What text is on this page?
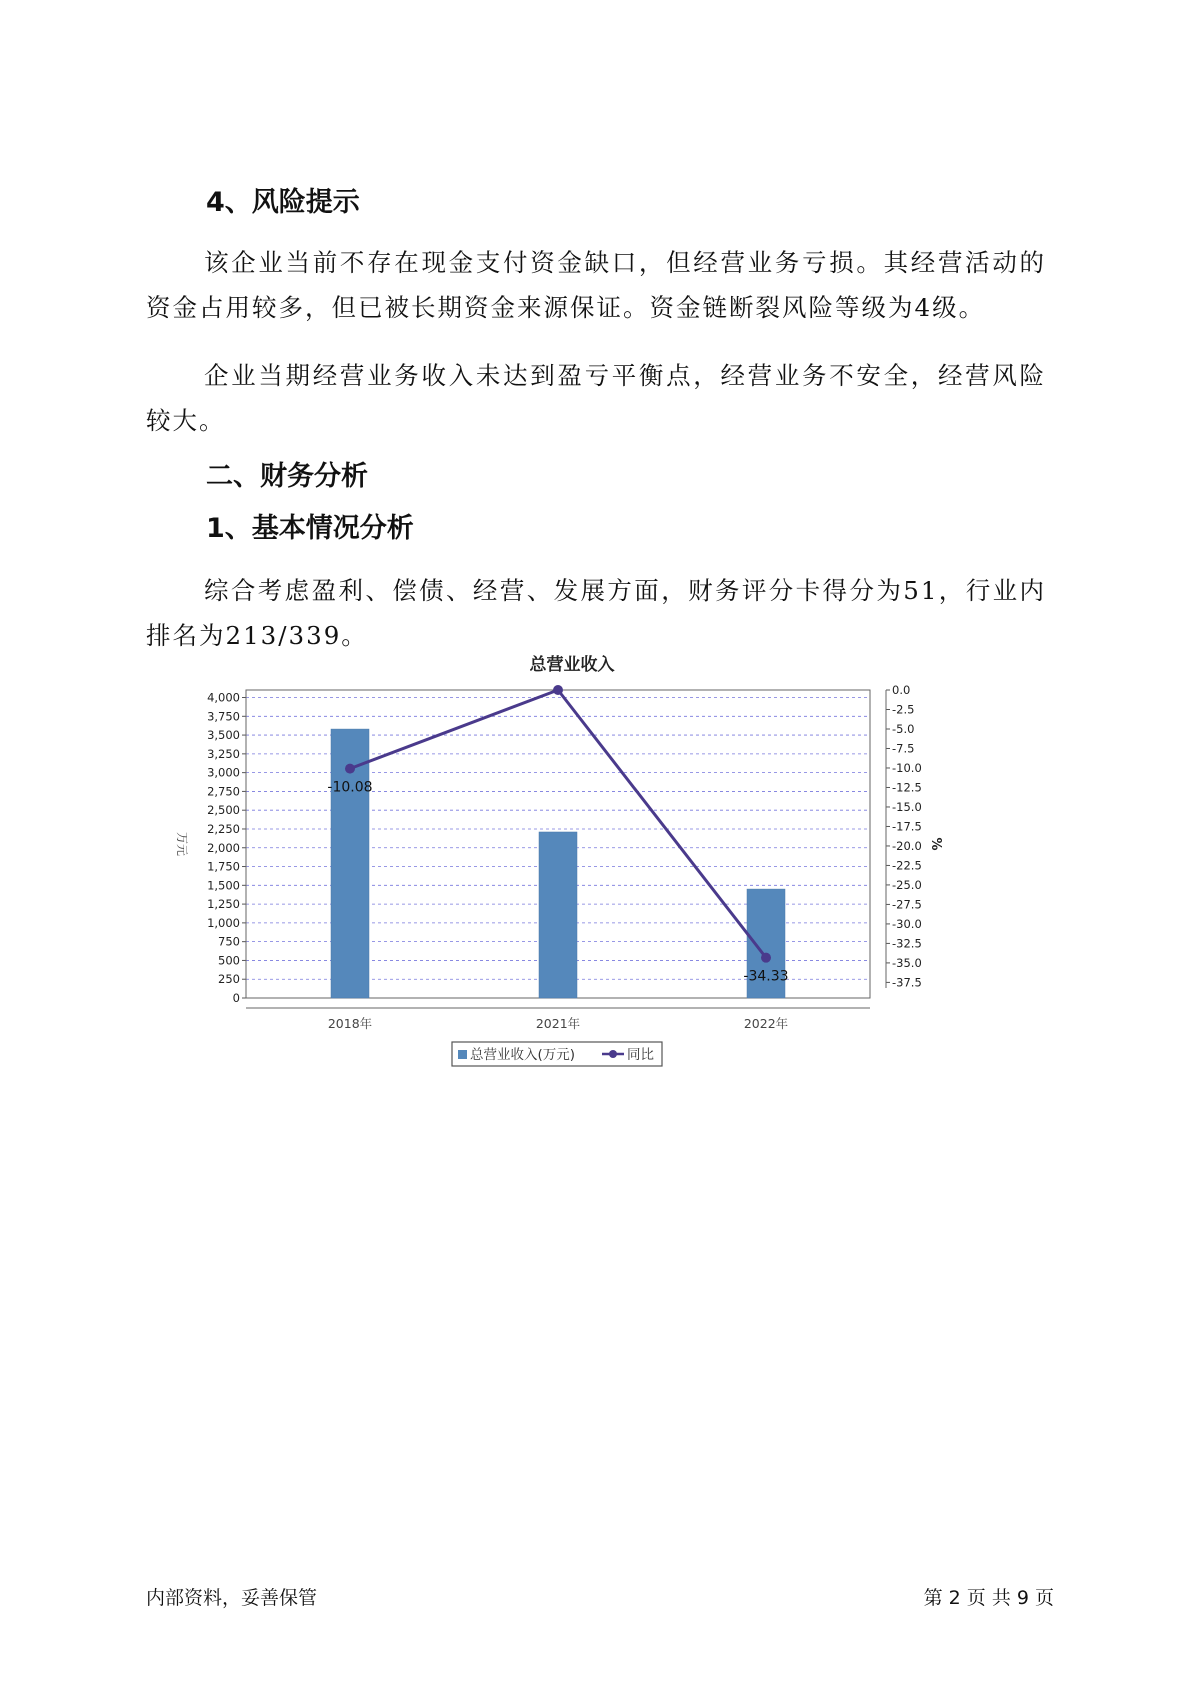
4、风险提示

该企业当前不存在现金支付资金缺口，但经营业务亏损。其经营活动的资金占用较多，但已被长期资金来源保证。资金链断裂风险等级为4级。

企业当期经营业务收入未达到盈亏平衡点，经营业务不安全，经营风险较大。

二、财务分析
1、基本情况分析

综合考虑盈利、偿债、经营、发展方面，财务评分卡得分为51，行业内排名为213/339。

总营业收入
0
250
500
750
1,000
1,250
1,500
1,750
2,000
2,250
2,500
2,750
3,000
3,250
3,500
3,750
4,000
0.0
-2.5
-5.0
-7.5
-10.0
-12.5
-15.0
-17.5
-20.0
-22.5
-25.0
-27.5
-30.0
-32.5
-35.0
-37.5
2018年	2021年	2022年
-10.08
-34.33
万元	%
总营业收入(万元)	同比
内部资料，妥善保管	第 2 页 共 9 页
